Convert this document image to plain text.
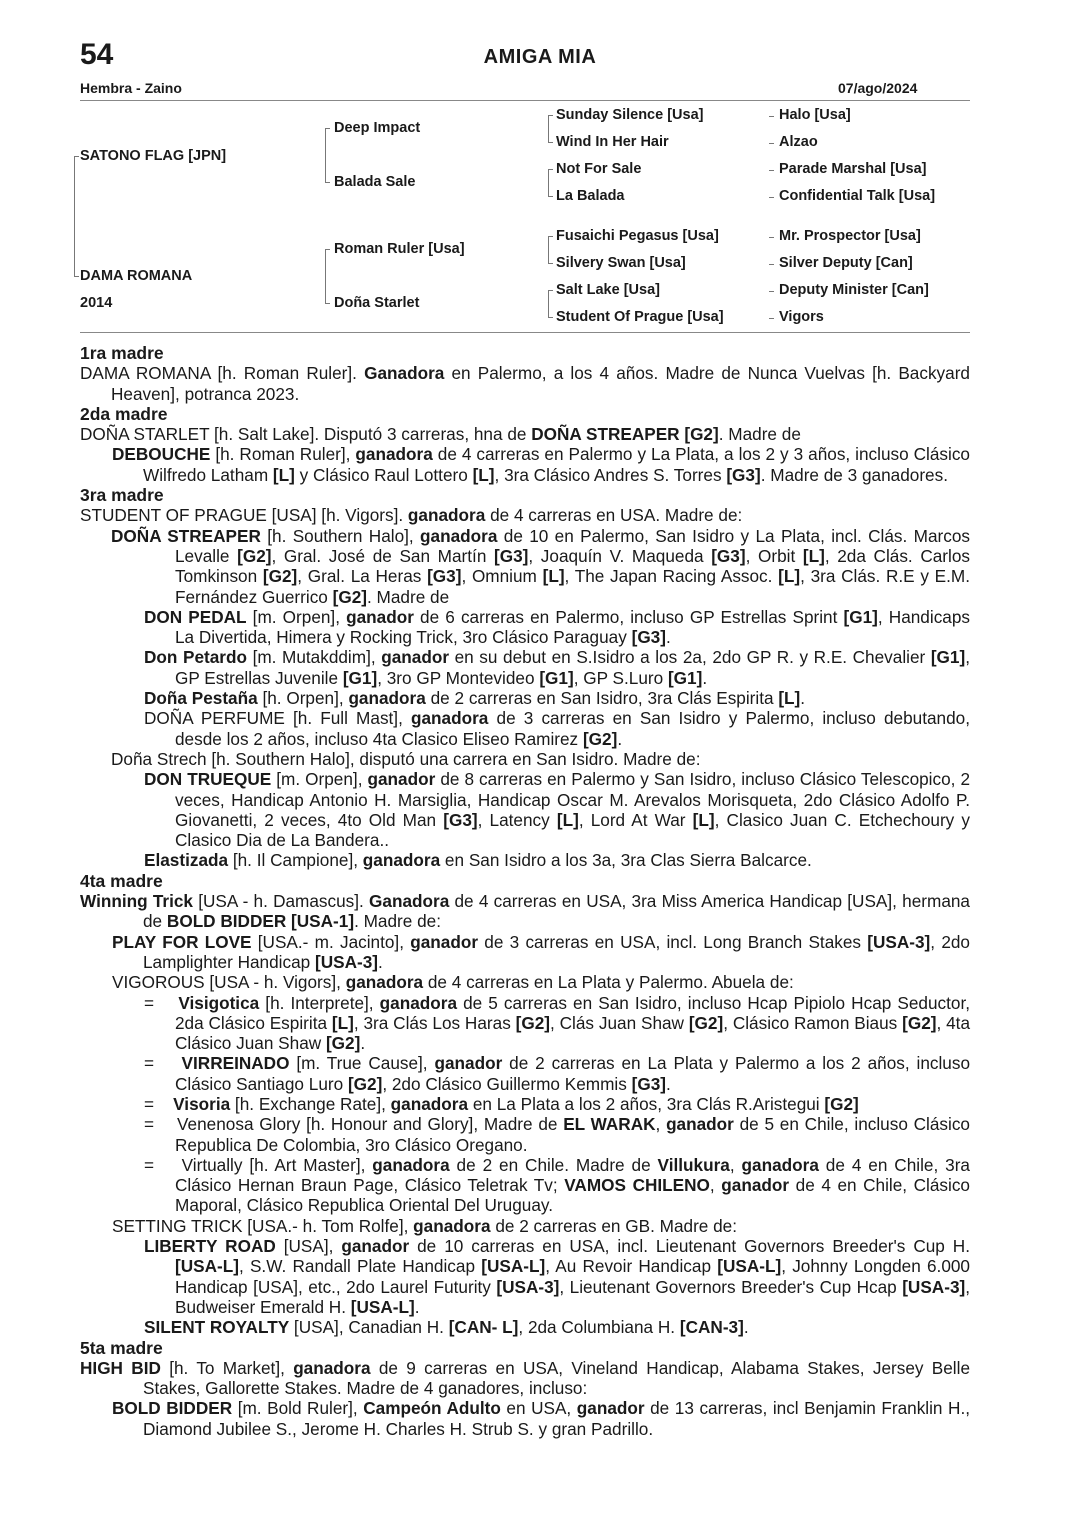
54	AMIGA MIA
Hembra - Zaino	07/ago/2024
SATONO FLAG [JPN]
DAMA ROMANA
2014
Deep Impact
Balada Sale
Roman Ruler [Usa]
Doña Starlet
Sunday Silence [Usa]
Wind In Her Hair
Not For Sale
La Balada
Fusaichi Pegasus [Usa]
Silvery Swan [Usa]
Salt Lake [Usa]
Student Of Prague [Usa]
Halo [Usa]
Alzao
Parade Marshal [Usa]
Confidential Talk [Usa]
Mr. Prospector [Usa]
Silver Deputy [Can]
Deputy Minister [Can]
Vigors

1ra madre

DAMA ROMANA [h. Roman Ruler]. Ganadora en Palermo, a los 4 años. Madre de Nunca Vuelvas [h. Backyard Heaven], potranca 2023.

2da madre

DOÑA STARLET [h. Salt Lake]. Disputó 3 carreras, hna de DOÑA STREAPER [G2]. Madre de

DEBOUCHE [h. Roman Ruler], ganadora de 4 carreras en Palermo y La Plata, a los 2 y 3 años, incluso Clásico Wilfredo Latham [L] y Clásico Raul Lottero [L], 3ra Clásico Andres S. Torres [G3]. Madre de 3 ganadores.

3ra madre

STUDENT OF PRAGUE [USA] [h. Vigors]. ganadora de 4 carreras en USA. Madre de:

DOÑA STREAPER [h. Southern Halo], ganadora de 10 en Palermo, San Isidro y La Plata, incl. Clás. Marcos Levalle [G2], Gral. José de San Martín [G3], Joaquín V. Maqueda [G3], Orbit [L], 2da Clás. Carlos Tomkinson [G2], Gral. La Heras [G3], Omnium [L], The Japan Racing Assoc. [L], 3ra Clás. R.E y E.M. Fernández Guerrico [G2]. Madre de

DON PEDAL [m. Orpen], ganador de 6 carreras en Palermo, incluso GP Estrellas Sprint [G1], Handicaps La Divertida, Himera y Rocking Trick, 3ro Clásico Paraguay [G3].

Don Petardo [m. Mutakddim], ganador en su debut en S.Isidro a los 2a, 2do GP R. y R.E. Chevalier [G1], GP Estrellas Juvenile [G1], 3ro GP Montevideo [G1], GP S.Luro [G1].

Doña Pestaña [h. Orpen], ganadora de 2 carreras en San Isidro, 3ra Clás Espirita [L].

DOÑA PERFUME [h. Full Mast], ganadora de 3 carreras en San Isidro y Palermo, incluso debutando, desde los 2 años, incluso 4ta Clasico Eliseo Ramirez [G2].

Doña Strech [h. Southern Halo], disputó una carrera en San Isidro. Madre de:

DON TRUEQUE [m. Orpen], ganador de 8 carreras en Palermo y San Isidro, incluso Clásico Telescopico, 2 veces, Handicap Antonio H. Marsiglia, Handicap Oscar M. Arevalos Morisqueta, 2do Clásico Adolfo P. Giovanetti, 2 veces, 4to Old Man [G3], Latency [L], Lord At War [L], Clasico Juan C. Etchechoury y Clasico Dia de La Bandera..

Elastizada [h. Il Campione], ganadora en San Isidro a los 3a, 3ra Clas Sierra Balcarce.

4ta madre

Winning Trick [USA - h. Damascus]. Ganadora de 4 carreras en USA, 3ra Miss America Handicap [USA], hermana de BOLD BIDDER [USA-1]. Madre de:

PLAY FOR LOVE [USA.- m. Jacinto], ganador de 3 carreras en USA, incl. Long Branch Stakes [USA-3], 2do Lamplighter Handicap [USA-3].

VIGOROUS [USA - h. Vigors], ganadora de 4 carreras en La Plata y Palermo. Abuela de:

=    Visigotica [h. Interprete], ganadora de 5 carreras en San Isidro, incluso Hcap Pipiolo Hcap Seductor, 2da Clásico Espirita [L], 3ra Clás Los Haras [G2], Clás Juan Shaw [G2], Clásico Ramon Biaus [G2], 4ta Clásico Juan Shaw [G2].

=    VIRREINADO [m. True Cause], ganador de 2 carreras en La Plata y Palermo a los 2 años, incluso Clásico Santiago Luro [G2], 2do Clásico Guillermo Kemmis [G3].

=    Visoria [h. Exchange Rate], ganadora en La Plata a los 2 años, 3ra Clás R.Aristegui [G2]

=    Venenosa Glory [h. Honour and Glory], Madre de EL WARAK, ganador de 5 en Chile, incluso Clásico Republica De Colombia, 3ro Clásico Oregano.

=    Virtually [h. Art Master], ganadora de 2 en Chile. Madre de Villukura, ganadora de 4 en Chile, 3ra Clásico Hernan Braun Page, Clásico Teletrak Tv; VAMOS CHILENO, ganador de 4 en Chile, Clásico Maporal, Clásico Republica Oriental Del Uruguay.

SETTING TRICK [USA.- h. Tom Rolfe], ganadora de 2 carreras en GB. Madre de:

LIBERTY ROAD [USA], ganador de 10 carreras en USA, incl. Lieutenant Governors Breeder's Cup H. [USA-L], S.W. Randall Plate Handicap [USA-L], Au Revoir Handicap [USA-L], Johnny Longden 6.000 Handicap [USA], etc., 2do Laurel Futurity [USA-3], Lieutenant Governors Breeder's Cup Hcap [USA-3], Budweiser Emerald H. [USA-L].

SILENT ROYALTY [USA], Canadian H. [CAN- L], 2da Columbiana H. [CAN-3].

5ta madre

HIGH BID [h. To Market], ganadora de 9 carreras en USA, Vineland Handicap, Alabama Stakes, Jersey Belle Stakes, Gallorette Stakes. Madre de 4 ganadores, incluso:

BOLD BIDDER [m. Bold Ruler], Campeón Adulto en USA, ganador de 13 carreras, incl Benjamin Franklin H., Diamond Jubilee S., Jerome H. Charles H. Strub S. y gran Padrillo.
